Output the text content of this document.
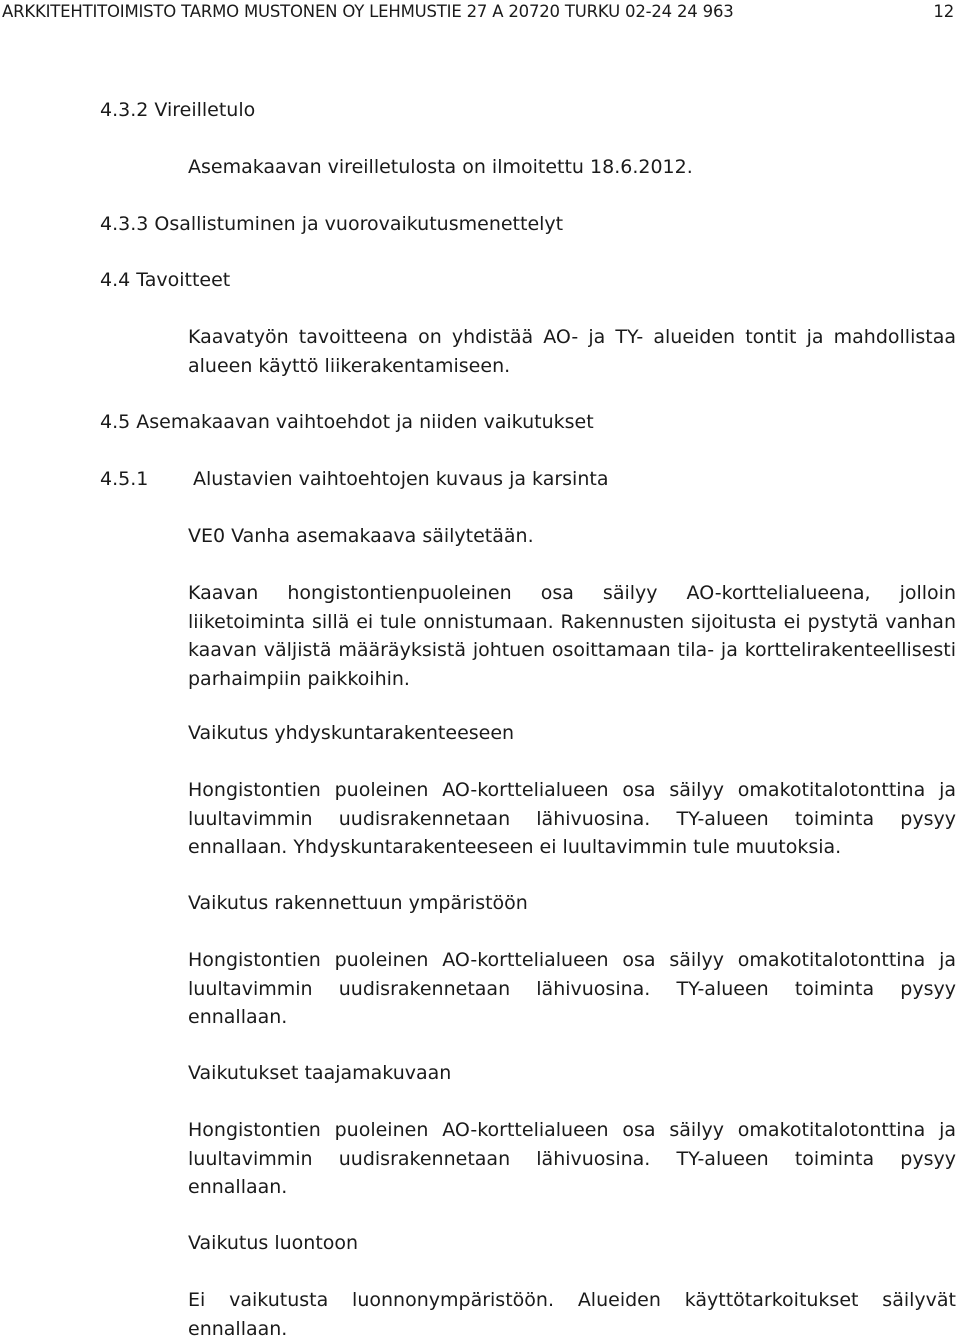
ARKKITEHTITOIMISTO TARMO MUSTONEN OY LEHMUSTIE 27 A 20720 TURKU 02-24 24 963	12
4.3.2 Vireilletulo
Asemakaavan vireilletulosta on ilmoitettu 18.6.2012.
4.3.3 Osallistuminen ja vuorovaikutusmenettelyt
4.4 Tavoitteet
Kaavatyön tavoitteena on yhdistää AO- ja TY- alueiden tontit ja mahdollistaa alueen käyttö liikerakentamiseen.
4.5 Asemakaavan vaihtoehdot ja niiden vaikutukset
4.5.1 Alustavien vaihtoehtojen kuvaus ja karsinta
VE0 Vanha asemakaava säilytetään.
Kaavan hongistontienpuoleinen osa säilyy AO-korttelialueena, jolloin liiketoiminta sillä ei tule onnistumaan. Rakennusten sijoitusta ei pystytä vanhan kaavan väljistä määräyksistä johtuen osoittamaan tila- ja korttelirakenteellisesti parhaimpiin paikkoihin.
Vaikutus yhdyskuntarakenteeseen
Hongistontien puoleinen AO-korttelialueen osa säilyy omakotitalotonttina ja luultavimmin uudisrakennetaan lähivuosina. TY-alueen toiminta pysyy ennallaan. Yhdyskuntarakenteeseen ei luultavimmin tule muutoksia.
Vaikutus rakennettuun ympäristöön
Hongistontien puoleinen AO-korttelialueen osa säilyy omakotitalotonttina ja luultavimmin uudisrakennetaan lähivuosina. TY-alueen toiminta pysyy ennallaan.
Vaikutukset taajamakuvaan
Hongistontien puoleinen AO-korttelialueen osa säilyy omakotitalotonttina ja luultavimmin uudisrakennetaan lähivuosina. TY-alueen toiminta pysyy ennallaan.
Vaikutus luontoon
Ei vaikutusta luonnonympäristöön. Alueiden käyttötarkoitukset säilyvät ennallaan.
